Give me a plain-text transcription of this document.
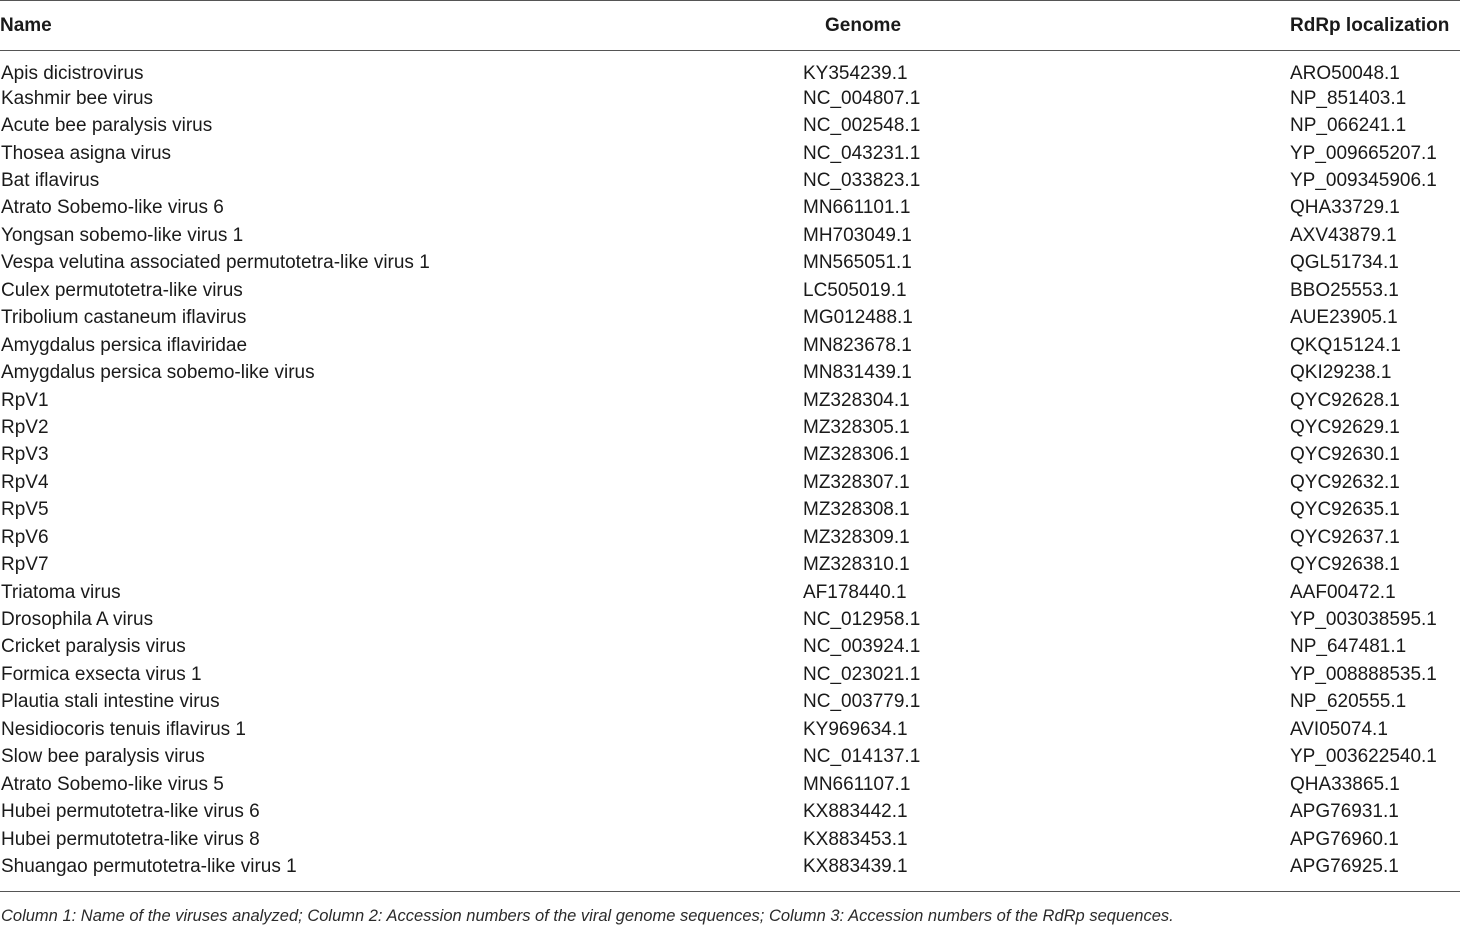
Name	Genome	RdRp localization
Apis dicistrovirus	KY354239.1	ARO50048.1
Kashmir bee virus	NC_004807.1	NP_851403.1
Acute bee paralysis virus	NC_002548.1	NP_066241.1
Thosea asigna virus	NC_043231.1	YP_009665207.1
Bat iflavirus	NC_033823.1	YP_009345906.1
Atrato Sobemo-like virus 6	MN661101.1	QHA33729.1
Yongsan sobemo-like virus 1	MH703049.1	AXV43879.1
Vespa velutina associated permutotetra-like virus 1	MN565051.1	QGL51734.1
Culex permutotetra-like virus	LC505019.1	BBO25553.1
Tribolium castaneum iflavirus	MG012488.1	AUE23905.1
Amygdalus persica iflaviridae	MN823678.1	QKQ15124.1
Amygdalus persica sobemo-like virus	MN831439.1	QKI29238.1
RpV1	MZ328304.1	QYC92628.1
RpV2	MZ328305.1	QYC92629.1
RpV3	MZ328306.1	QYC92630.1
RpV4	MZ328307.1	QYC92632.1
RpV5	MZ328308.1	QYC92635.1
RpV6	MZ328309.1	QYC92637.1
RpV7	MZ328310.1	QYC92638.1
Triatoma virus	AF178440.1	AAF00472.1
Drosophila A virus	NC_012958.1	YP_003038595.1
Cricket paralysis virus	NC_003924.1	NP_647481.1
Formica exsecta virus 1	NC_023021.1	YP_008888535.1
Plautia stali intestine virus	NC_003779.1	NP_620555.1
Nesidiocoris tenuis iflavirus 1	KY969634.1	AVI05074.1
Slow bee paralysis virus	NC_014137.1	YP_003622540.1
Atrato Sobemo-like virus 5	MN661107.1	QHA33865.1
Hubei permutotetra-like virus 6	KX883442.1	APG76931.1
Hubei permutotetra-like virus 8	KX883453.1	APG76960.1
Shuangao permutotetra-like virus 1	KX883439.1	APG76925.1
Column 1: Name of the viruses analyzed; Column 2: Accession numbers of the viral genome sequences; Column 3: Accession numbers of the RdRp sequences.
